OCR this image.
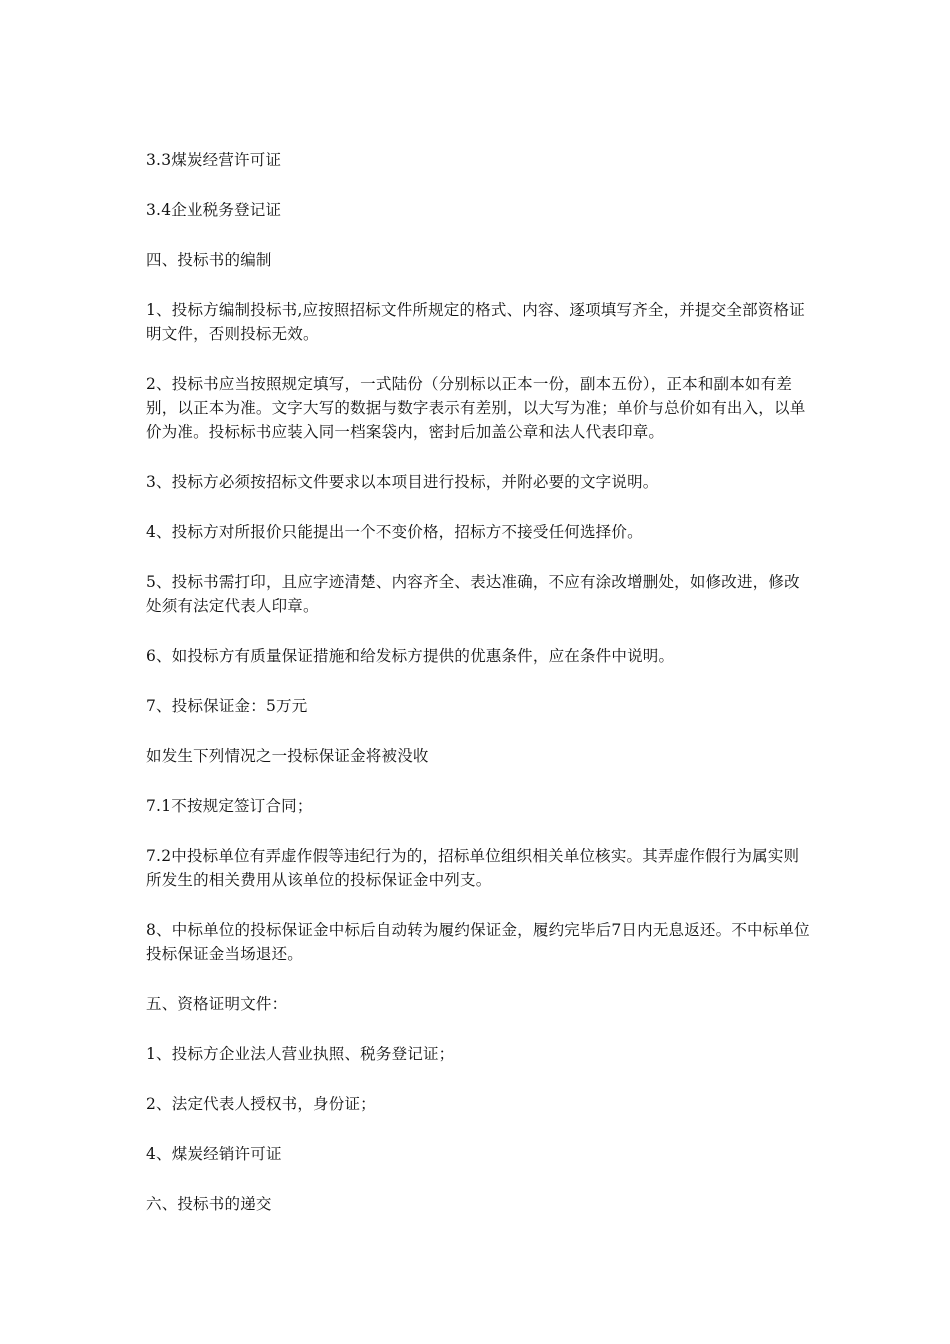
3.3煤炭经营许可证

3.4企业税务登记证

四、投标书的编制

1、投标方编制投标书,应按照招标文件所规定的格式、内容、逐项填写齐全，并提交全部资格证明文件，否则投标无效。

2、投标书应当按照规定填写，一式陆份（分别标以正本一份，副本五份），正本和副本如有差别，以正本为准。文字大写的数据与数字表示有差别，以大写为准；单价与总价如有出入，以单价为准。投标标书应装入同一档案袋内，密封后加盖公章和法人代表印章。

3、投标方必须按招标文件要求以本项目进行投标，并附必要的文字说明。

4、投标方对所报价只能提出一个不变价格，招标方不接受任何选择价。

5、投标书需打印，且应字迹清楚、内容齐全、表达准确，不应有涂改增删处，如修改进，修改处须有法定代表人印章。

6、如投标方有质量保证措施和给发标方提供的优惠条件，应在条件中说明。

7、投标保证金：5万元

如发生下列情况之一投标保证金将被没收

7.1不按规定签订合同；

7.2中投标单位有弄虚作假等违纪行为的，招标单位组织相关单位核实。其弄虚作假行为属实则所发生的相关费用从该单位的投标保证金中列支。

8、中标单位的投标保证金中标后自动转为履约保证金，履约完毕后7日内无息返还。不中标单位投标保证金当场退还。

五、资格证明文件：

1、投标方企业法人营业执照、税务登记证；

2、法定代表人授权书，身份证；

4、煤炭经销许可证

六、投标书的递交
